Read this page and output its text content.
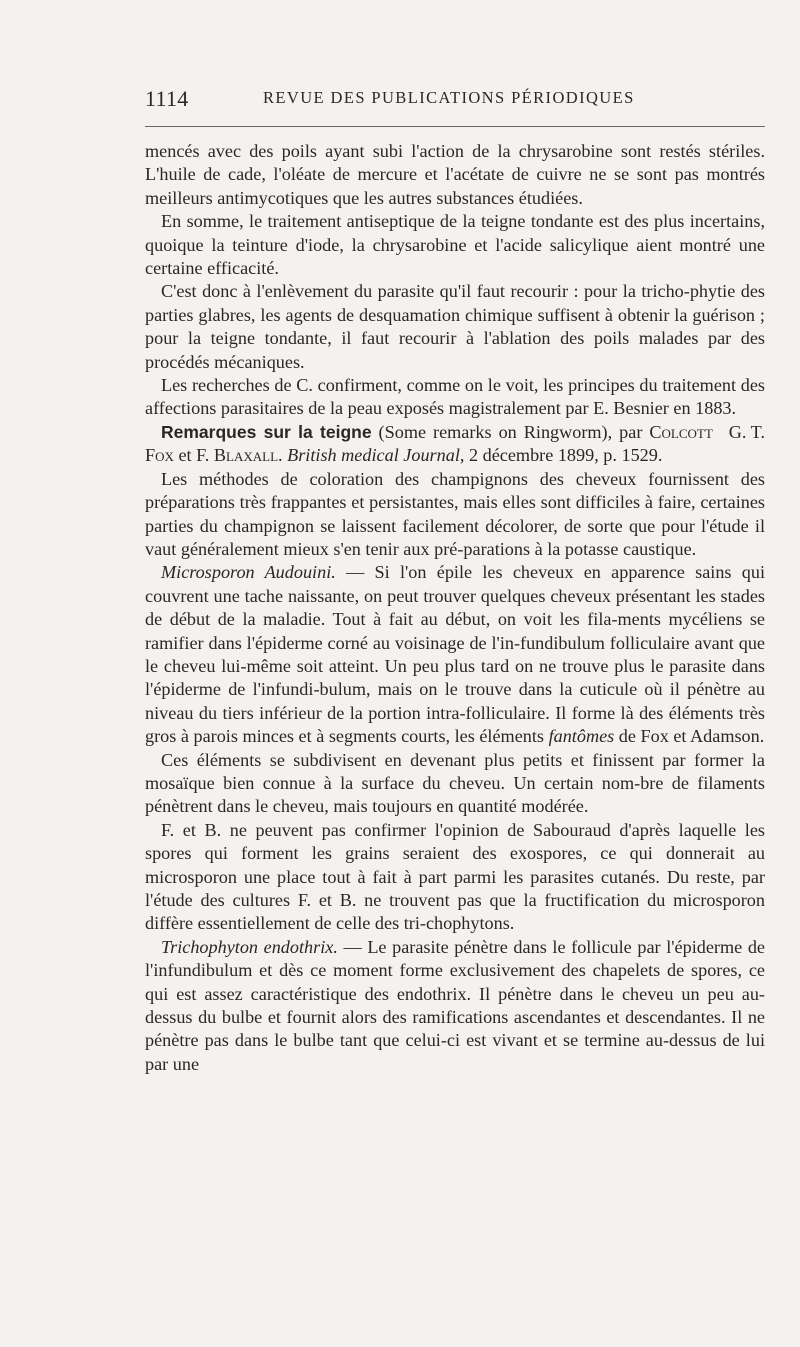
1114	REVUE DES PUBLICATIONS PÉRIODIQUES

mencés avec des poils ayant subi l'action de la chrysarobine sont restés stériles. L'huile de cade, l'oléate de mercure et l'acétate de cuivre ne se sont pas montrés meilleurs antimycotiques que les autres substances étudiées.

En somme, le traitement antiseptique de la teigne tondante est des plus incertains, quoique la teinture d'iode, la chrysarobine et l'acide salicylique aient montré une certaine efficacité.

C'est donc à l'enlèvement du parasite qu'il faut recourir : pour la tricho-phytie des parties glabres, les agents de desquamation chimique suffisent à obtenir la guérison ; pour la teigne tondante, il faut recourir à l'ablation des poils malades par des procédés mécaniques.

Les recherches de C. confirment, comme on le voit, les principes du traitement des affections parasitaires de la peau exposés magistralement par E. Besnier en 1883.
G. T.

Remarques sur la teigne (Some remarks on Ringworm), par Colcott Fox et F. Blaxall. British medical Journal, 2 décembre 1899, p. 1529.

Les méthodes de coloration des champignons des cheveux fournissent des préparations très frappantes et persistantes, mais elles sont difficiles à faire, certaines parties du champignon se laissent facilement décolorer, de sorte que pour l'étude il vaut généralement mieux s'en tenir aux pré-parations à la potasse caustique.

Microsporon Audouini. — Si l'on épile les cheveux en apparence sains qui couvrent une tache naissante, on peut trouver quelques cheveux présentant les stades de début de la maladie. Tout à fait au début, on voit les fila-ments mycéliens se ramifier dans l'épiderme corné au voisinage de l'in-fundibulum folliculaire avant que le cheveu lui-même soit atteint. Un peu plus tard on ne trouve plus le parasite dans l'épiderme de l'infundi-bulum, mais on le trouve dans la cuticule où il pénètre au niveau du tiers inférieur de la portion intra-folliculaire. Il forme là des éléments très gros à parois minces et à segments courts, les éléments fantômes de Fox et Adamson.

Ces éléments se subdivisent en devenant plus petits et finissent par former la mosaïque bien connue à la surface du cheveu. Un certain nom-bre de filaments pénètrent dans le cheveu, mais toujours en quantité modérée.

F. et B. ne peuvent pas confirmer l'opinion de Sabouraud d'après laquelle les spores qui forment les grains seraient des exospores, ce qui donnerait au microsporon une place tout à fait à part parmi les parasites cutanés. Du reste, par l'étude des cultures F. et B. ne trouvent pas que la fructification du microsporon diffère essentiellement de celle des tri-chophytons.

Trichophyton endothrix. — Le parasite pénètre dans le follicule par l'épiderme de l'infundibulum et dès ce moment forme exclusivement des chapelets de spores, ce qui est assez caractéristique des endothrix. Il pénètre dans le cheveu un peu au-dessus du bulbe et fournit alors des ramifications ascendantes et descendantes. Il ne pénètre pas dans le bulbe tant que celui-ci est vivant et se termine au-dessus de lui par une
